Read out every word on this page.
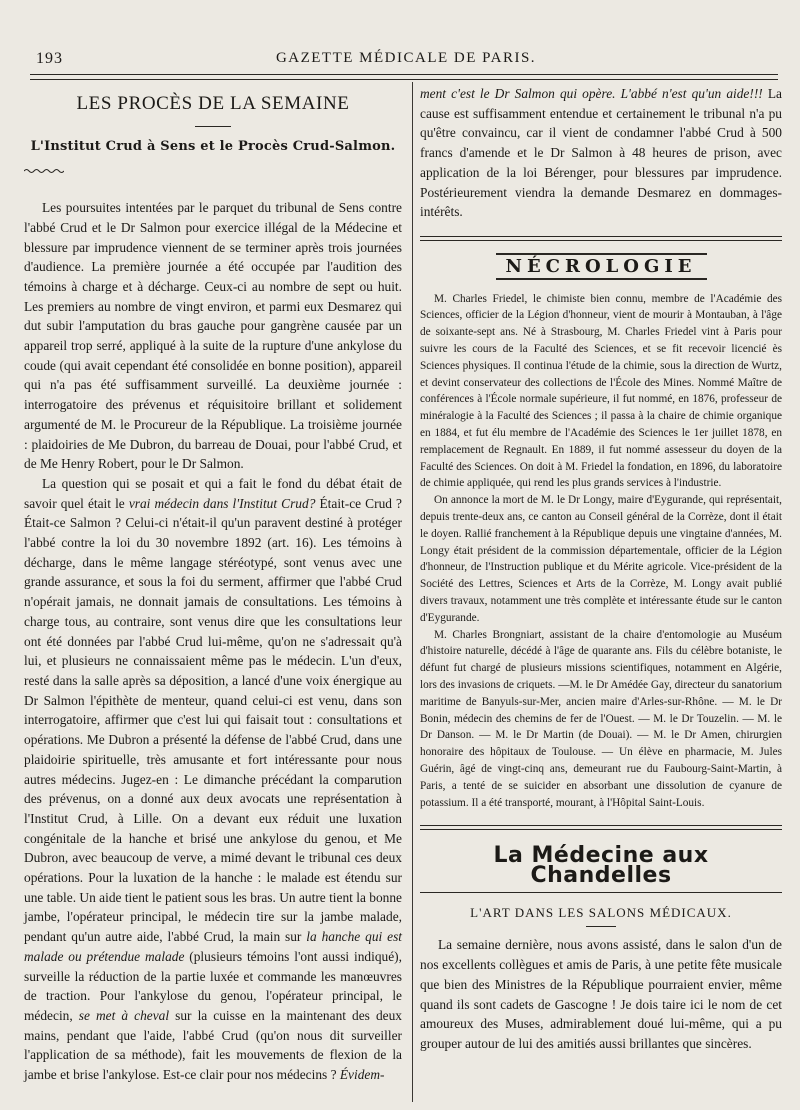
193	GAZETTE MÉDICALE DE PARIS.
LES PROCÈS DE LA SEMAINE
L'Institut Crud à Sens et le Procès Crud-Salmon.

Les poursuites intentées par le parquet du tribunal de Sens contre l'abbé Crud et le Dr Salmon pour exercice illégal de la Médecine et blessure par imprudence viennent de se terminer après trois journées d'audience. La première journée a été occupée par l'audition des témoins à charge et à décharge. Ceux-ci au nombre de sept ou huit. Les premiers au nombre de vingt environ, et parmi eux Desmarez qui dut subir l'amputation du bras gauche pour gangrène causée par un appareil trop serré, appliqué à la suite de la rupture d'une ankylose du coude (qui avait cependant été consolidée en bonne position), appareil qui n'a pas été suffisamment surveillé. La deuxième journée : interrogatoire des prévenus et réquisitoire brillant et solidement argumenté de M. le Procureur de la République. La troisième journée : plaidoiries de Me Dubron, du barreau de Douai, pour l'abbé Crud, et de Me Henry Robert, pour le Dr Salmon.

La question qui se posait et qui a fait le fond du débat était de savoir quel était le vrai médecin dans l'Institut Crud? Était-ce Crud ? Était-ce Salmon ? Celui-ci n'était-il qu'un paravent destiné à protéger l'abbé contre la loi du 30 novembre 1892 (art. 16). Les témoins à décharge, dans le même langage stéréotypé, sont venus avec une grande assurance, et sous la foi du serment, affirmer que l'abbé Crud n'opérait jamais, ne donnait jamais de consultations. Les témoins à charge tous, au contraire, sont venus dire que les consultations leur ont été données par l'abbé Crud lui-même, qu'on ne s'adressait qu'à lui, et plusieurs ne connaissaient même pas le médecin. L'un d'eux, resté dans la salle après sa déposition, a lancé d'une voix énergique au Dr Salmon l'épithète de menteur, quand celui-ci est venu, dans son interrogatoire, affirmer que c'est lui qui faisait tout : consultations et opérations. Me Dubron a présenté la défense de l'abbé Crud, dans une plaidoirie spirituelle, très amusante et fort intéressante pour nous autres médecins. Jugez-en : Le dimanche précédant la comparution des prévenus, on a donné aux deux avocats une représentation à l'Institut Crud, à Lille. On a devant eux réduit une luxation congénitale de la hanche et brisé une ankylose du genou, et Me Dubron, avec beaucoup de verve, a mimé devant le tribunal ces deux opérations. Pour la luxation de la hanche : le malade est étendu sur une table. Un aide tient le patient sous les bras. Un autre tient la bonne jambe, l'opérateur principal, le médecin tire sur la jambe malade, pendant qu'un autre aide, l'abbé Crud, la main sur la hanche qui est malade ou prétendue malade (plusieurs témoins l'ont aussi indiqué), surveille la réduction de la partie luxée et commande les manœuvres de traction. Pour l'ankylose du genou, l'opérateur principal, le médecin, se met à cheval sur la cuisse en la maintenant des deux mains, pendant que l'aide, l'abbé Crud (qu'on nous dit surveiller l'application de sa méthode), fait les mouvements de flexion de la jambe et brise l'ankylose. Est-ce clair pour nos médecins ? Évidem-

ment c'est le Dr Salmon qui opère. L'abbé n'est qu'un aide!!! La cause est suffisamment entendue et certainement le tribunal n'a pu qu'être convaincu, car il vient de condamner l'abbé Crud à 500 francs d'amende et le Dr Salmon à 48 heures de prison, avec application de la loi Bérenger, pour blessures par imprudence. Postérieurement viendra la demande Desmarez en dommages-intérêts.

NÉCROLOGIE

M. Charles Friedel, le chimiste bien connu, membre de l'Académie des Sciences, officier de la Légion d'honneur, vient de mourir à Montauban, à l'âge de soixante-sept ans. Né à Strasbourg, M. Charles Friedel vint à Paris pour suivre les cours de la Faculté des Sciences, et se fit recevoir licencié ès Sciences physiques. Il continua l'étude de la chimie, sous la direction de Wurtz, et devint conservateur des collections de l'École des Mines. Nommé Maître de conférences à l'École normale supérieure, il fut nommé, en 1876, professeur de minéralogie à la Faculté des Sciences ; il passa à la chaire de chimie organique en 1884, et fut élu membre de l'Académie des Sciences le 1er juillet 1878, en remplacement de Regnault. En 1889, il fut nommé assesseur du doyen de la Faculté des Sciences. On doit à M. Friedel la fondation, en 1896, du laboratoire de chimie appliquée, qui rend les plus grands services à l'industrie.

On annonce la mort de M. le Dr Longy, maire d'Eygurande, qui représentait, depuis trente-deux ans, ce canton au Conseil général de la Corrèze, dont il était le doyen. Rallié franchement à la République depuis une vingtaine d'années, M. Longy était président de la commission départementale, officier de la Légion d'honneur, de l'Instruction publique et du Mérite agricole. Vice-président de la Société des Lettres, Sciences et Arts de la Corrèze, M. Longy avait publié divers travaux, notamment une très complète et intéressante étude sur le canton d'Eygurande.

M. Charles Brongniart, assistant de la chaire d'entomologie au Muséum d'histoire naturelle, décédé à l'âge de quarante ans. Fils du célèbre botaniste, le défunt fut chargé de plusieurs missions scientifiques, notamment en Algérie, lors des invasions de criquets. —M. le Dr Amédée Gay, directeur du sanatorium maritime de Banyuls-sur-Mer, ancien maire d'Arles-sur-Rhône. — M. le Dr Bonin, médecin des chemins de fer de l'Ouest. — M. le Dr Touzelin. — M. le Dr Danson. — M. le Dr Martin (de Douai). — M. le Dr Amen, chirurgien honoraire des hôpitaux de Toulouse. — Un élève en pharmacie, M. Jules Guérin, âgé de vingt-cinq ans, demeurant rue du Faubourg-Saint-Martin, à Paris, a tenté de se suicider en absorbant une dissolution de cyanure de potassium. Il a été transporté, mourant, à l'Hôpital Saint-Louis.

La Médecine aux Chandelles
L'ART DANS LES SALONS MÉDICAUX.

La semaine dernière, nous avons assisté, dans le salon d'un de nos excellents collègues et amis de Paris, à une petite fête musicale que bien des Ministres de la République pourraient envier, même quand ils sont cadets de Gascogne ! Je dois taire ici le nom de cet amoureux des Muses, admirablement doué lui-même, qui a pu grouper autour de lui des amitiés aussi brillantes que sincères.
